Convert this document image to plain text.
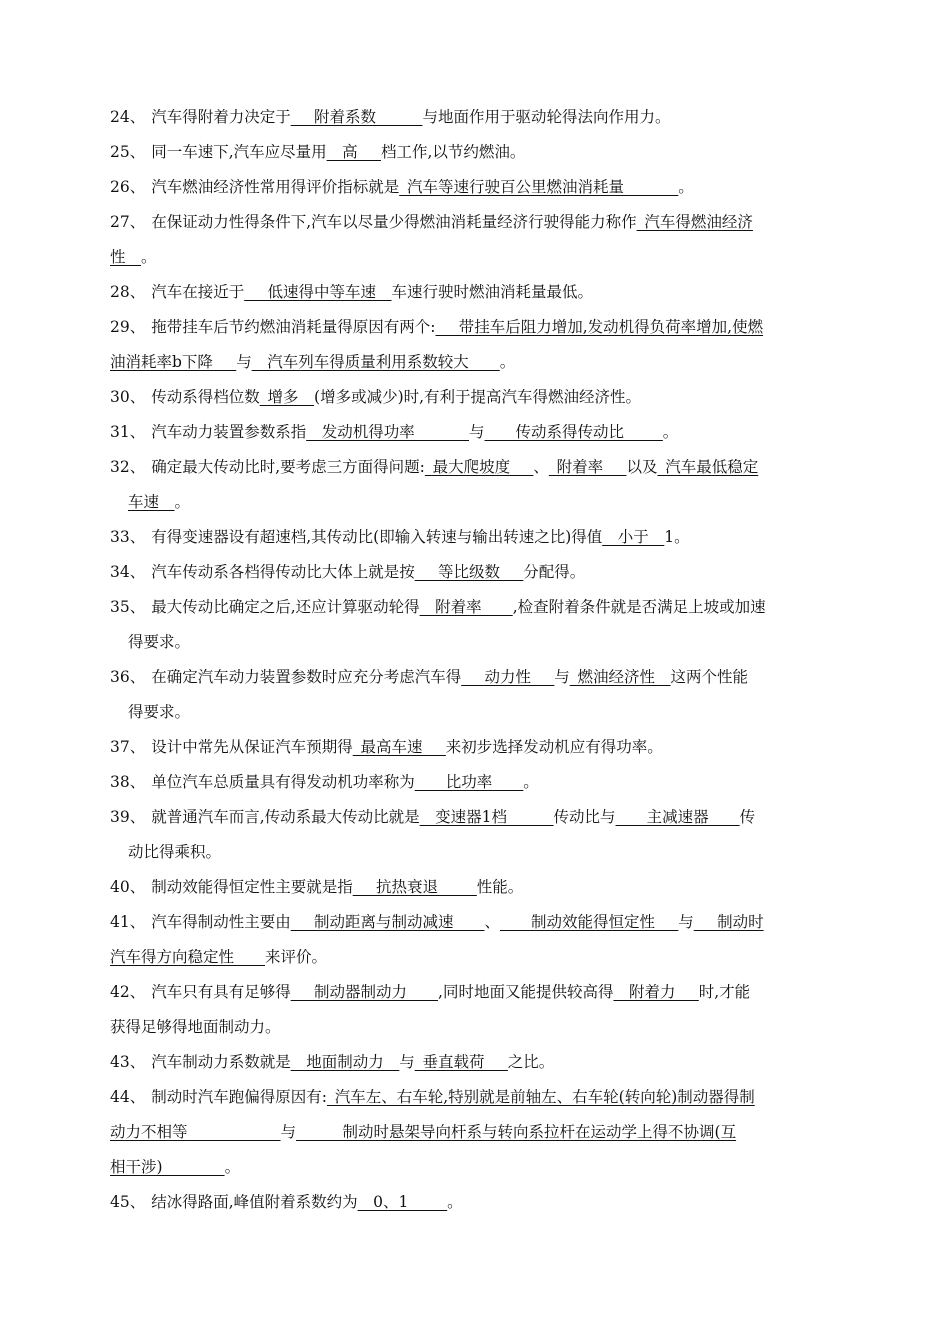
24、 汽车得附着力决定于___附着系数______与地面作用于驱动轮得法向作用力。
25、 同一车速下,汽车应尽量用__高___档工作,以节约燃油。
26、 汽车燃油经济性常用得评价指标就是_汽车等速行驶百公里燃油消耗量_______。
27、 在保证动力性得条件下,汽车以尽量少得燃油消耗量经济行驶得能力称作_汽车得燃油经济
性__。
28、 汽车在接近于___低速得中等车速__车速行驶时燃油消耗量最低。
29、 拖带挂车后节约燃油消耗量得原因有两个:___带挂车后阻力增加,发动机得负荷率增加,使燃
油消耗率b下降___与__汽车列车得质量利用系数较大____。
30、 传动系得档位数_增多__(增多或减少)时,有利于提高汽车得燃油经济性。
31、 汽车动力装置参数系指__发动机得功率_______与____传动系得传动比_____。
32、 确定最大传动比时,要考虑三方面得问题:_最大爬坡度___、_附着率___以及_汽车最低稳定
车速__。
33、 有得变速器设有超速档,其传动比(即输入转速与输出转速之比)得值__小于__1。
34、 汽车传动系各档得传动比大体上就是按___等比级数___分配得。
35、 最大传动比确定之后,还应计算驱动轮得__附着率____,检查附着条件就是否满足上坡或加速
得要求。
36、 在确定汽车动力装置参数时应充分考虑汽车得___动力性___与_燃油经济性__这两个性能
得要求。
37、 设计中常先从保证汽车预期得_最高车速___来初步选择发动机应有得功率。
38、 单位汽车总质量具有得发动机功率称为____比功率____。
39、 就普通汽车而言,传动系最大传动比就是__变速器1档______传动比与____主减速器____传
动比得乘积。
40、 制动效能得恒定性主要就是指___抗热衰退_____性能。
41、 汽车得制动性主要由___制动距离与制动减速____、____制动效能得恒定性___与___制动时
汽车得方向稳定性____来评价。
42、 汽车只有具有足够得___制动器制动力____,同时地面又能提供较高得__附着力___时,才能
获得足够得地面制动力。
43、 汽车制动力系数就是__地面制动力__与_垂直载荷___之比。
44、 制动时汽车跑偏得原因有:_汽车左、右车轮,特别就是前轴左、右车轮(转向轮)制动器得制
动力不相等____________与______制动时悬架导向杆系与转向系拉杆在运动学上得不协调(互
相干涉)________。
45、 结冰得路面,峰值附着系数约为__0、1_____。
